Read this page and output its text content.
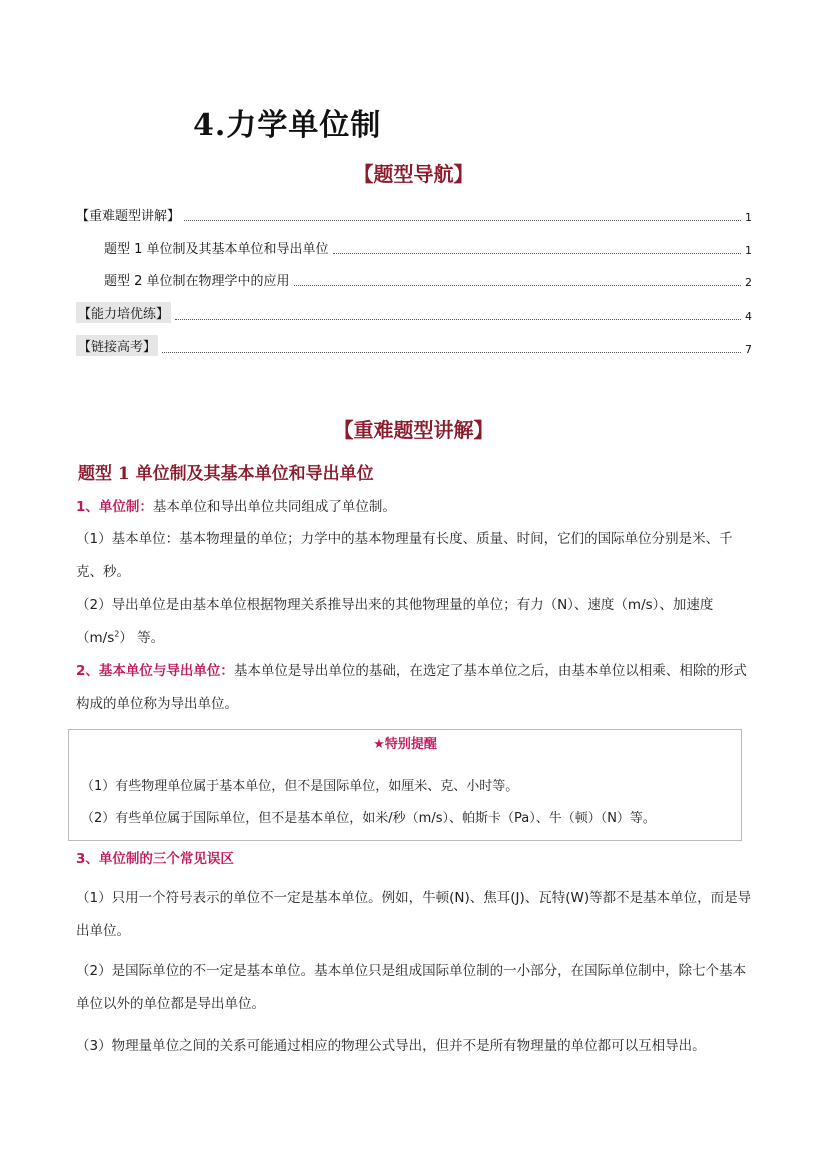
4.力学单位制
【题型导航】
【重难题型讲解】	1
题型 1 单位制及其基本单位和导出单位	1
题型 2 单位制在物理学中的应用	2
【能力培优练】	4
【链接高考】	7
【重难题型讲解】
题型 1 单位制及其基本单位和导出单位
1、单位制：基本单位和导出单位共同组成了单位制。
（1）基本单位：基本物理量的单位；力学中的基本物理量有长度、质量、时间，它们的国际单位分别是米、千克、秒。
（2）导出单位是由基本单位根据物理关系推导出来的其他物理量的单位；有力（N）、速度（m/s）、加速度$(m/s^2)$ 等。
2、基本单位与导出单位：基本单位是导出单位的基础，在选定了基本单位之后，由基本单位以相乘、相除的形式构成的单位称为导出单位。
★特别提醒
（1）有些物理单位属于基本单位，但不是国际单位，如厘米、克、小时等。
（2）有些单位属于国际单位，但不是基本单位，如米/秒（m/s）、帕斯卡（Pa）、牛（顿）（N）等。
3、单位制的三个常见误区
（1）只用一个符号表示的单位不一定是基本单位。例如，牛顿(N)、焦耳(J)、瓦特(W)等都不是基本单位，而是导出单位。
（2）是国际单位的不一定是基本单位。基本单位只是组成国际单位制的一小部分，在国际单位制中，除七个基本单位以外的单位都是导出单位。
（3）物理量单位之间的关系可能通过相应的物理公式导出，但并不是所有物理量的单位都可以互相导出。
